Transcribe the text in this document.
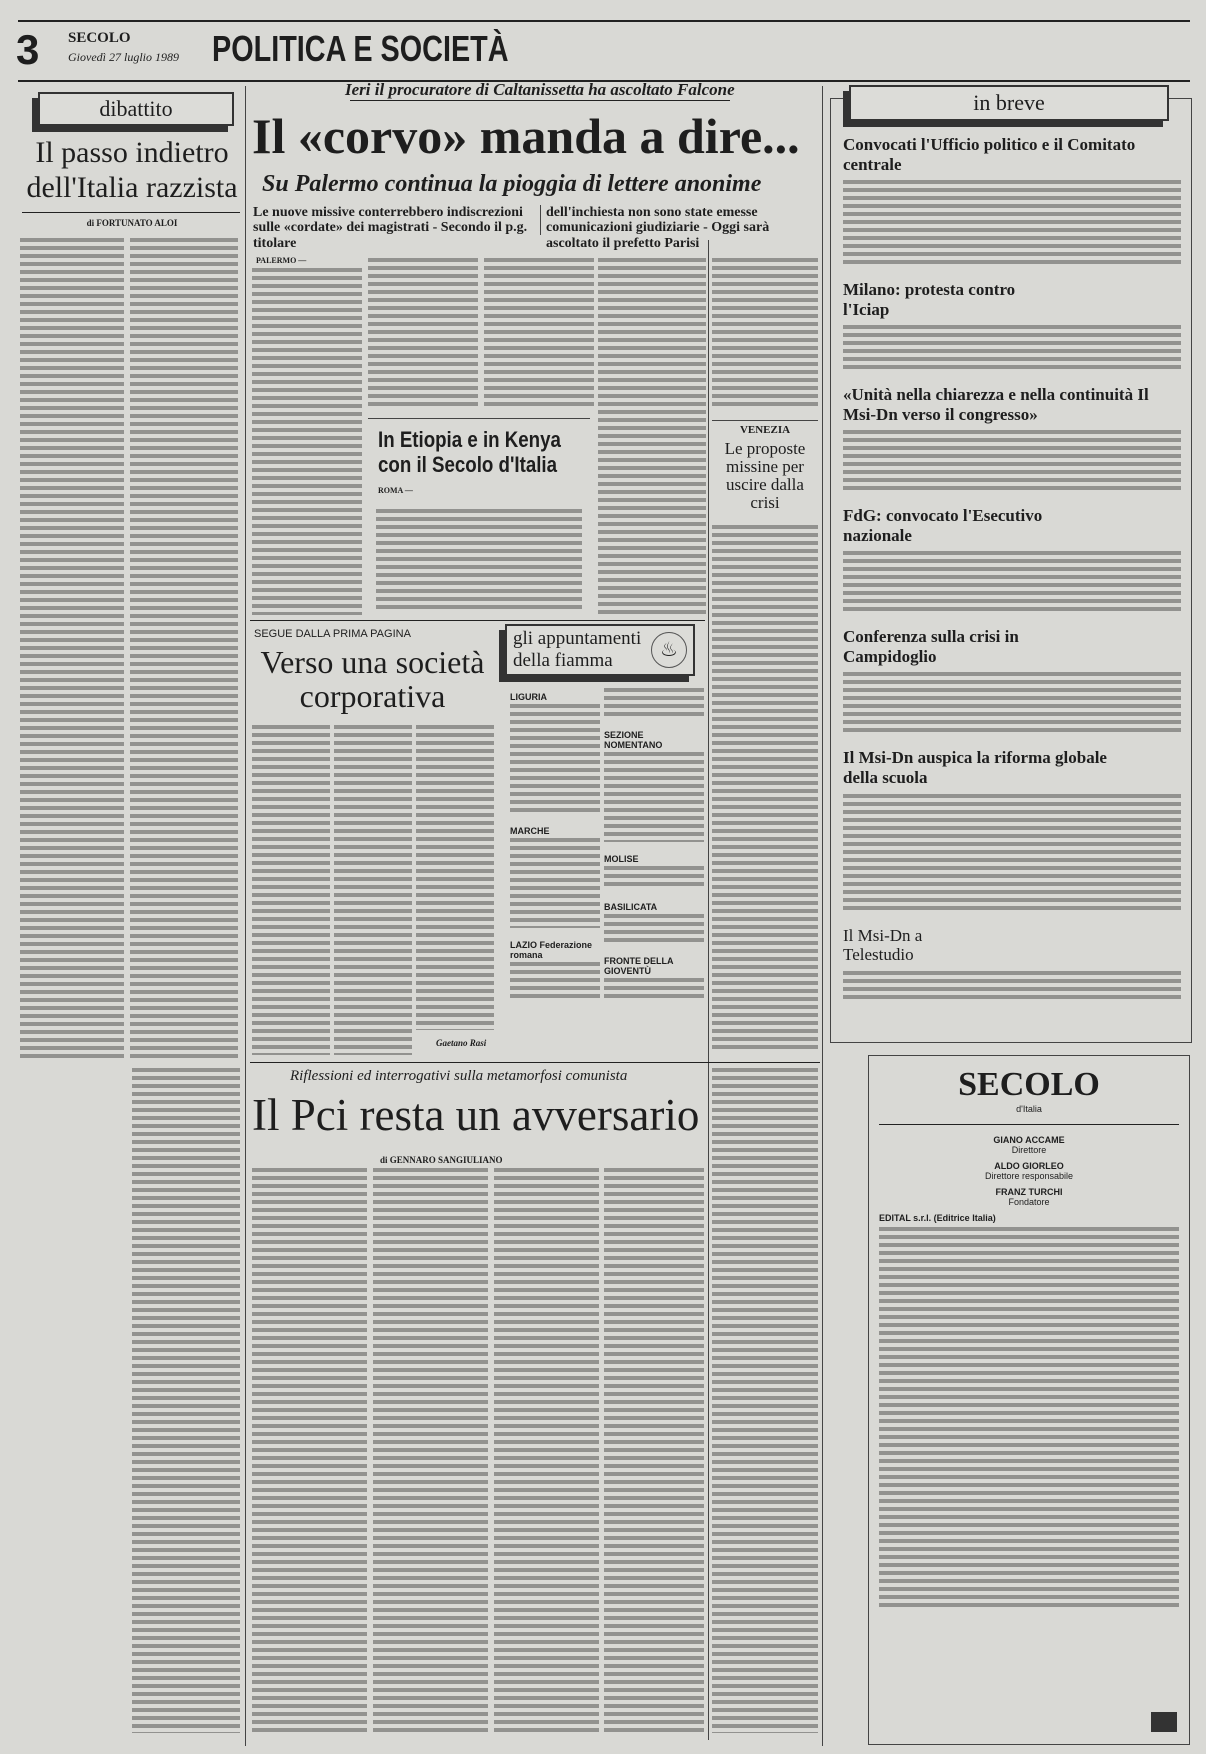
3 SECOLO
Giovedì 27 luglio 1989 POLITICA E SOCIETÀ
dibattito
Il passo indietro dell'Italia razzista
di FORTUNATO ALOI
Ieri il procuratore di Caltanissetta ha ascoltato Falcone
Il «corvo» manda a dire...
Su Palermo continua la pioggia di lettere anonime
Le nuove missive conterrebbero indiscrezioni sulle «cordate» dei magistrati - Secondo il p.g. titolare
dell'inchiesta non sono state emesse comunicazioni giudiziarie - Oggi sarà ascoltato il prefetto Parisi
PALERMO —
In Etiopia e in Kenya con il Secolo d'Italia
ROMA —
VENEZIA
Le proposte missine per uscire dalla crisi
SEGUE DALLA PRIMA PAGINA
Verso una società corporativa
Gaetano Rasi
gli appuntamenti
della fiamma	♨
LIGURIA
MARCHE
LAZIO Federazione romana
SEZIONE NOMENTANO
MOLISE
BASILICATA
FRONTE DELLA GIOVENTÙ
in breve
Convocati l'Ufficio politico e il Comitato centrale
Milano: protesta contro l'Iciap
«Unità nella chiarezza e nella continuità Il Msi-Dn verso il congresso»
FdG: convocato l'Esecutivo nazionale
Conferenza sulla crisi in Campidoglio
Il Msi-Dn auspica la riforma globale della scuola
Il Msi-Dn a Telestudio
Riflessioni ed interrogativi sulla metamorfosi comunista
Il Pci resta un avversario
di GENNARO SANGIULIANO
SECOLO
d'Italia
GIANO ACCAME
Direttore
ALDO GIORLEO
Direttore responsabile
FRANZ TURCHI
Fondatore
EDITAL s.r.l. (Editrice Italia)
